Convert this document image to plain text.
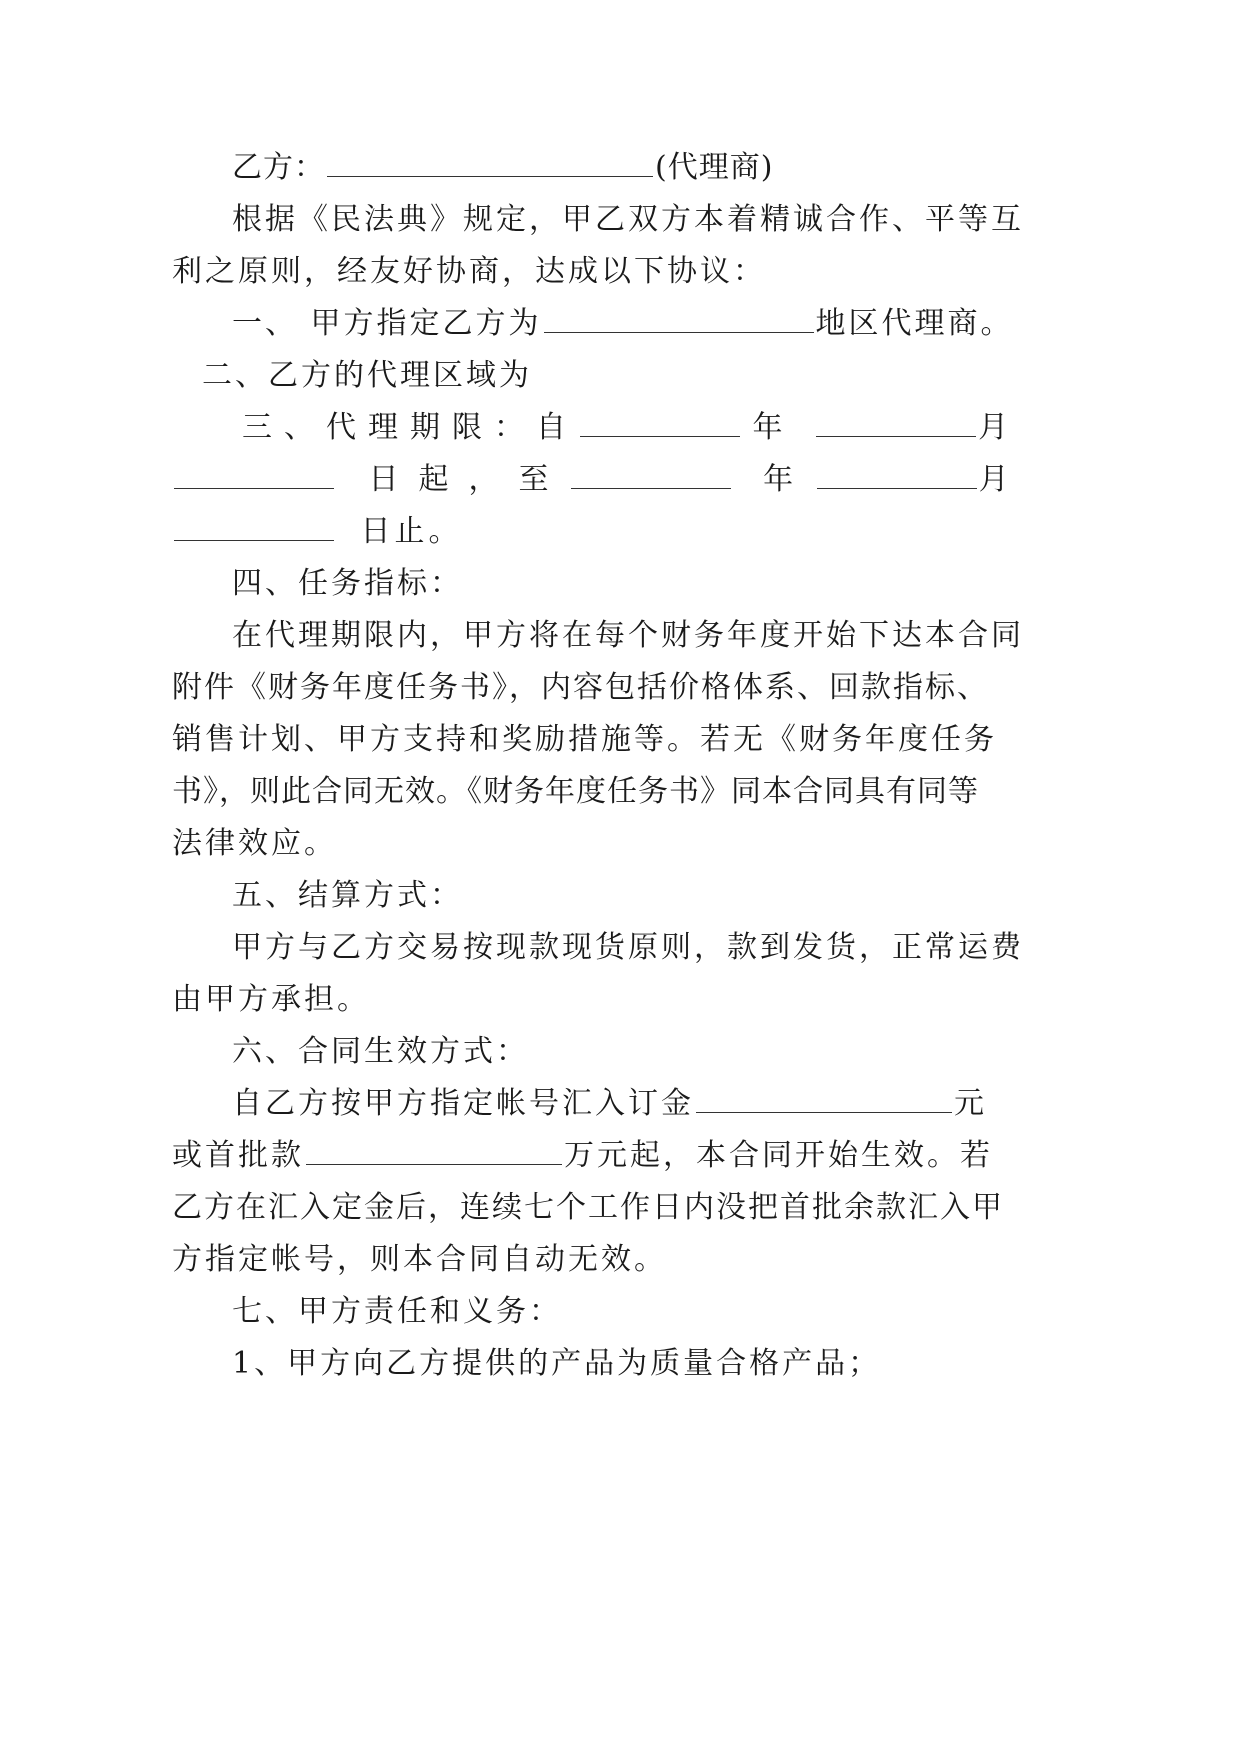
乙方：	(代理商)
根据《民法典》规定，甲乙双方本着精诚合作、平等互
利之原则，经友好协商，达成以下协议：
一、 甲方指定乙方为	地区代理商。
二、乙方的代理区域为
三、代理期限：自	年	月
日起，至	年	月
日止。
四、任务指标：
在代理期限内，甲方将在每个财务年度开始下达本合同
附件《财务年度任务书》，内容包括价格体系、回款指标、
销售计划、甲方支持和奖励措施等。若无《财务年度任务
书》，则此合同无效。《财务年度任务书》同本合同具有同等
法律效应。
五、结算方式：
甲方与乙方交易按现款现货原则，款到发货，正常运费
由甲方承担。
六、合同生效方式：
自乙方按甲方指定帐号汇入订金	元
或首批款	万元起，本合同开始生效。若
乙方在汇入定金后，连续七个工作日内没把首批余款汇入甲
方指定帐号，则本合同自动无效。
七、甲方责任和义务：
1、甲方向乙方提供的产品为质量合格产品；
